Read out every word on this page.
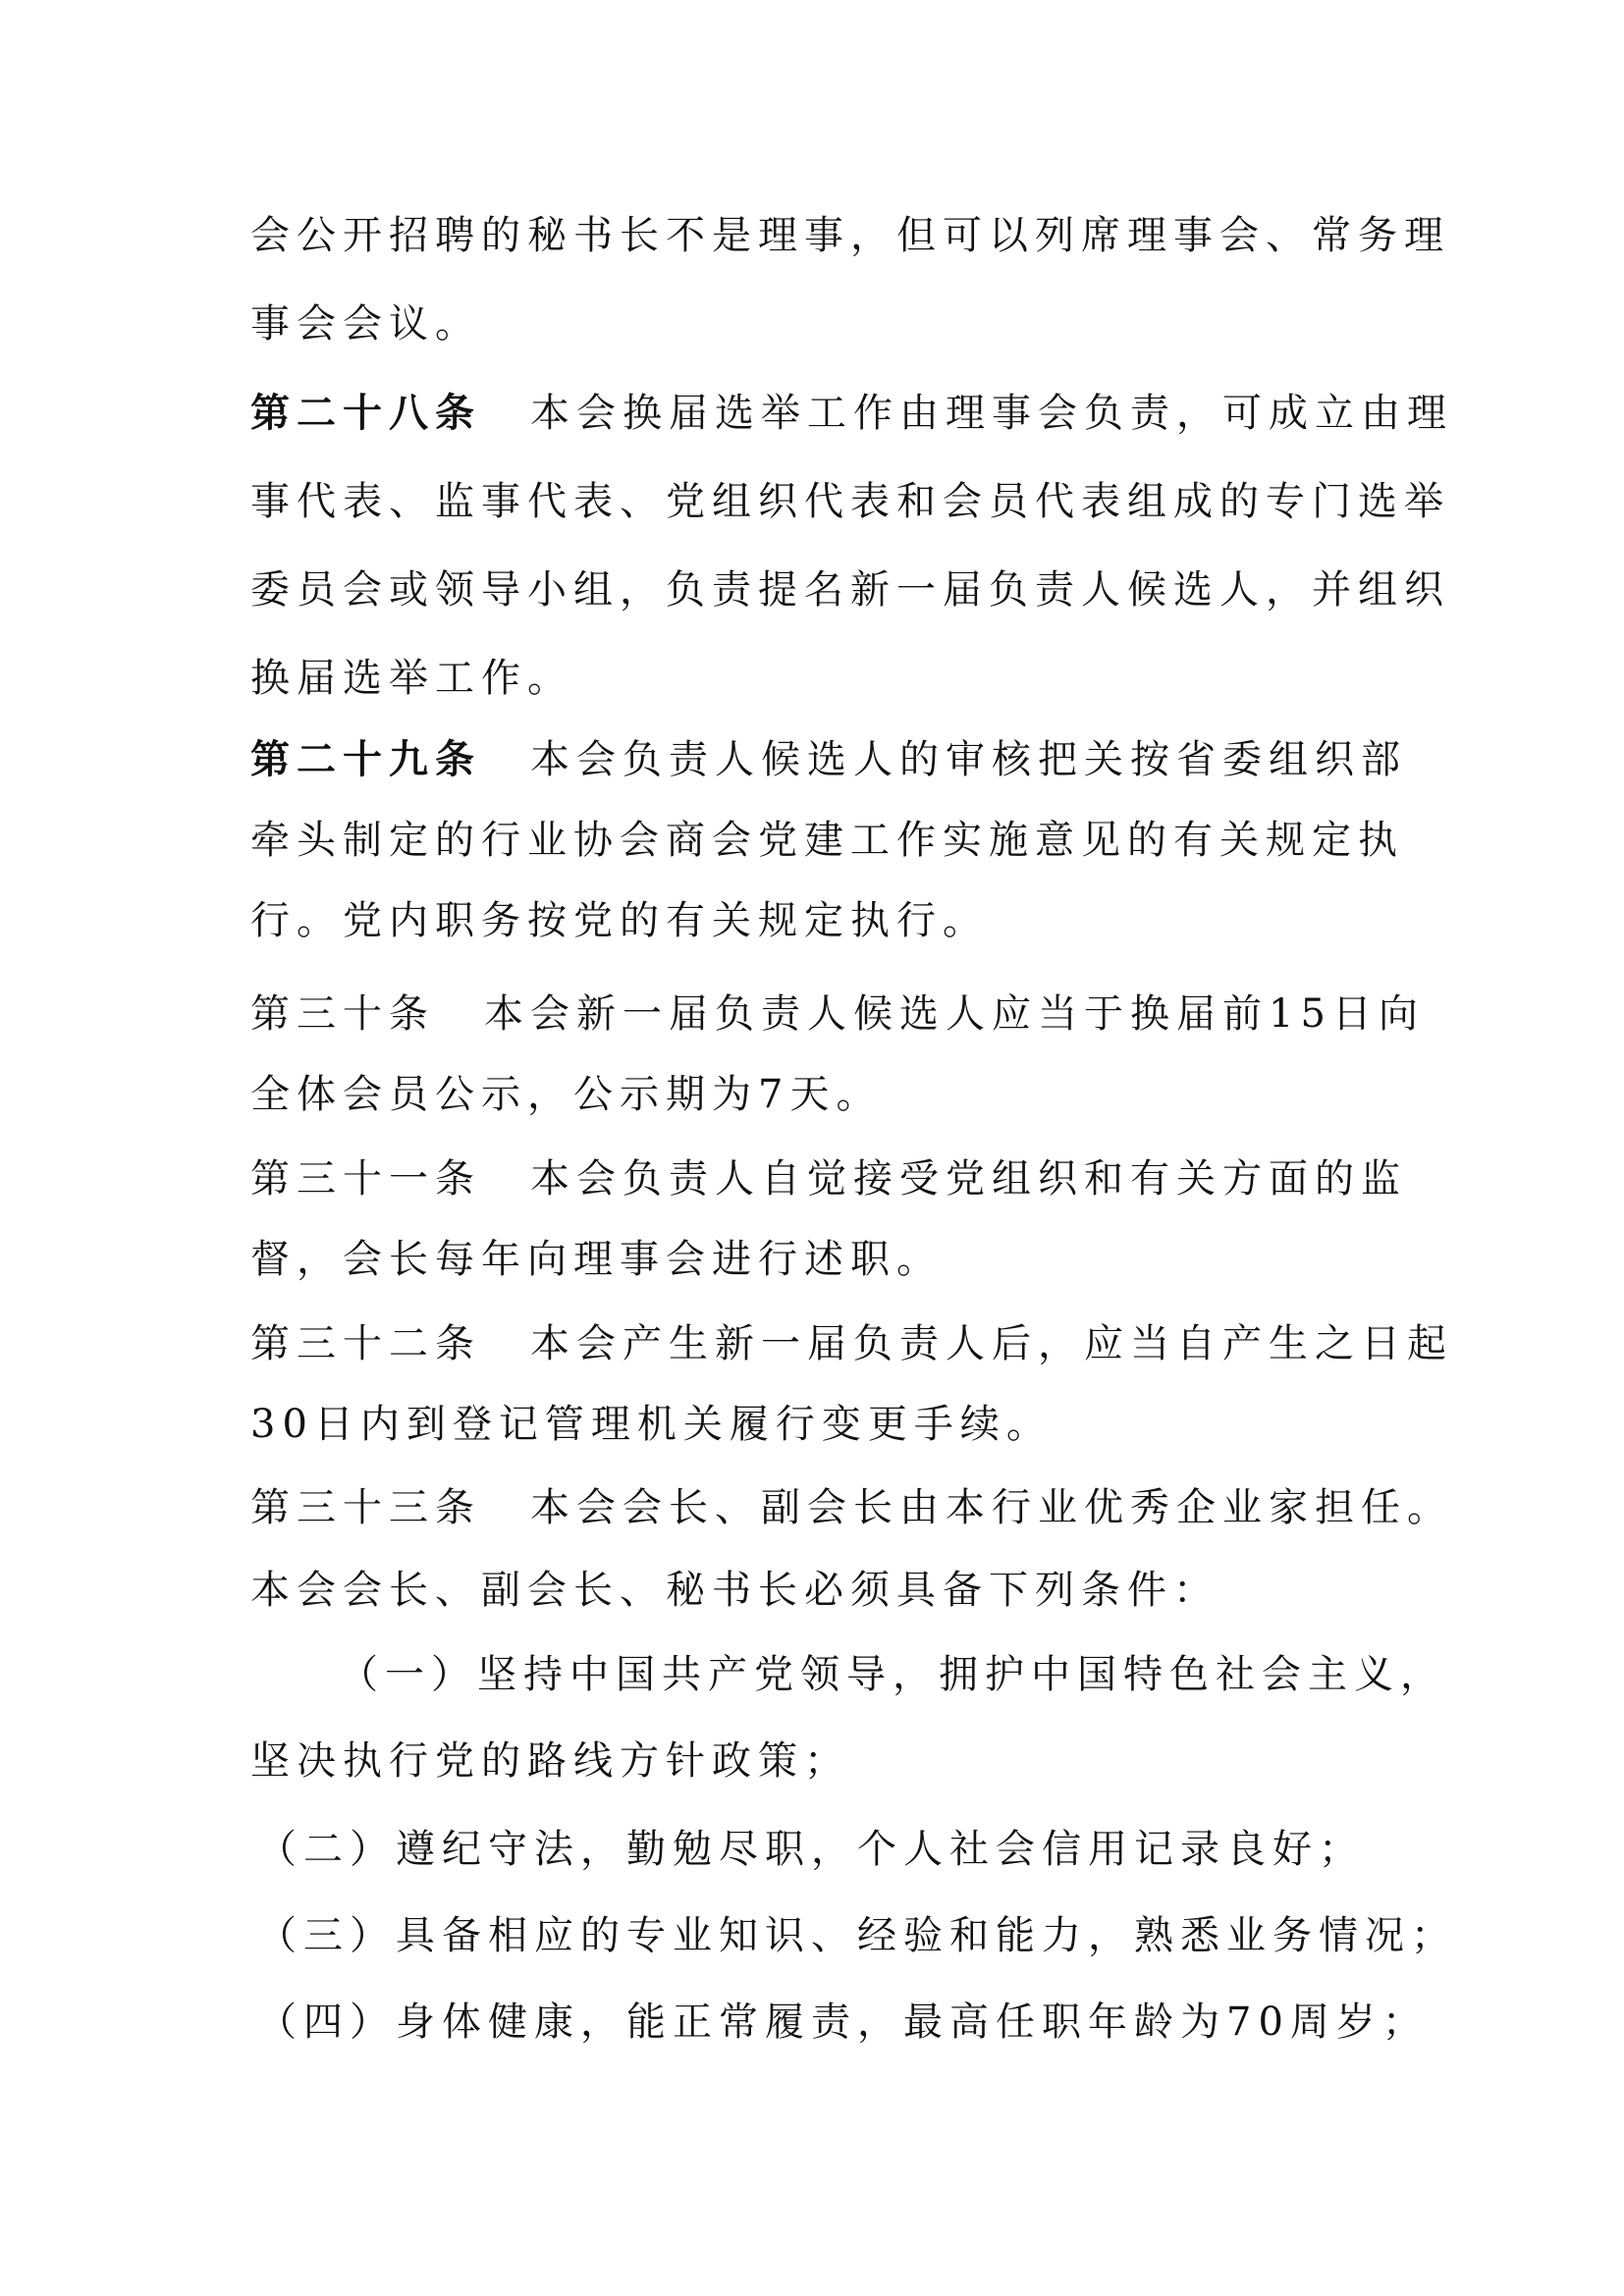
会公开招聘的秘书长不是理事，但可以列席理事会、常务理
事会会议。
第二十八条 本会换届选举工作由理事会负责，可成立由理
事代表、监事代表、党组织代表和会员代表组成的专门选举
委员会或领导小组，负责提名新一届负责人候选人，并组织
换届选举工作。
第二十九条 本会负责人候选人的审核把关按省委组织部
牵头制定的行业协会商会党建工作实施意见的有关规定执
行。党内职务按党的有关规定执行。
第三十条 本会新一届负责人候选人应当于换届前15日向
全体会员公示，公示期为7天。
第三十一条 本会负责人自觉接受党组织和有关方面的监
督，会长每年向理事会进行述职。
第三十二条 本会产生新一届负责人后，应当自产生之日起
30日内到登记管理机关履行变更手续。
第三十三条 本会会长、副会长由本行业优秀企业家担任。
本会会长、副会长、秘书长必须具备下列条件：
（一）坚持中国共产党领导，拥护中国特色社会主义，
坚决执行党的路线方针政策；
（二）遵纪守法，勤勉尽职，个人社会信用记录良好；
（三）具备相应的专业知识、经验和能力，熟悉业务情况；
（四）身体健康，能正常履责，最高任职年龄为70周岁；
